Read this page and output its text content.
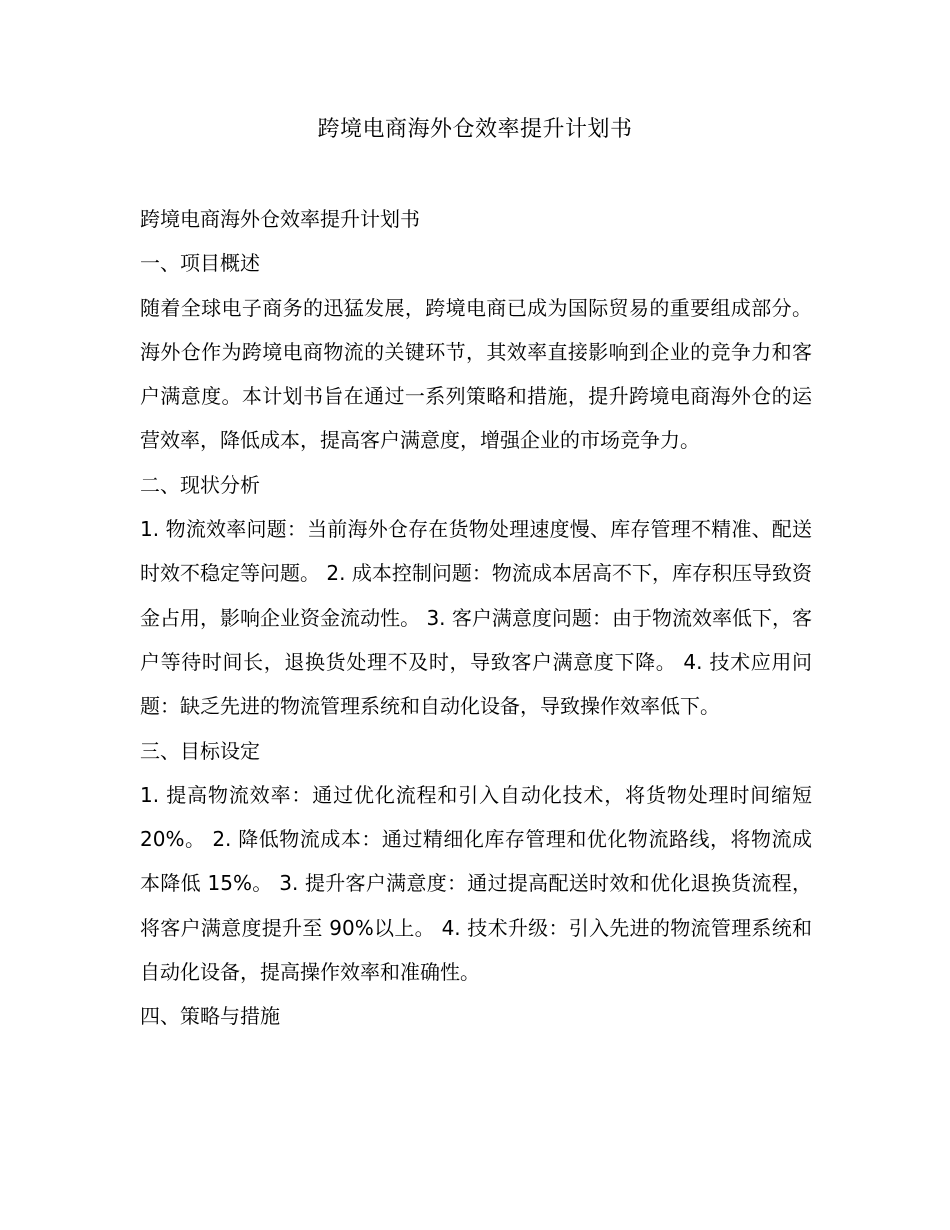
跨境电商海外仓效率提升计划书

跨境电商海外仓效率提升计划书

一、项目概述

随着全球电子商务的迅猛发展，跨境电商已成为国际贸易的重要组成部分。海外仓作为跨境电商物流的关键环节，其效率直接影响到企业的竞争力和客户满意度。本计划书旨在通过一系列策略和措施，提升跨境电商海外仓的运营效率，降低成本，提高客户满意度，增强企业的市场竞争力。

二、现状分析

1. 物流效率问题：当前海外仓存在货物处理速度慢、库存管理不精准、配送时效不稳定等问题。 2. 成本控制问题：物流成本居高不下，库存积压导致资金占用，影响企业资金流动性。 3. 客户满意度问题：由于物流效率低下，客户等待时间长，退换货处理不及时，导致客户满意度下降。 4. 技术应用问题：缺乏先进的物流管理系统和自动化设备，导致操作效率低下。

三、目标设定

1. 提高物流效率：通过优化流程和引入自动化技术，将货物处理时间缩短 20%。 2. 降低物流成本：通过精细化库存管理和优化物流路线，将物流成本降低 15%。 3. 提升客户满意度：通过提高配送时效和优化退换货流程，将客户满意度提升至 90%以上。 4. 技术升级：引入先进的物流管理系统和自动化设备，提高操作效率和准确性。

四、策略与措施
